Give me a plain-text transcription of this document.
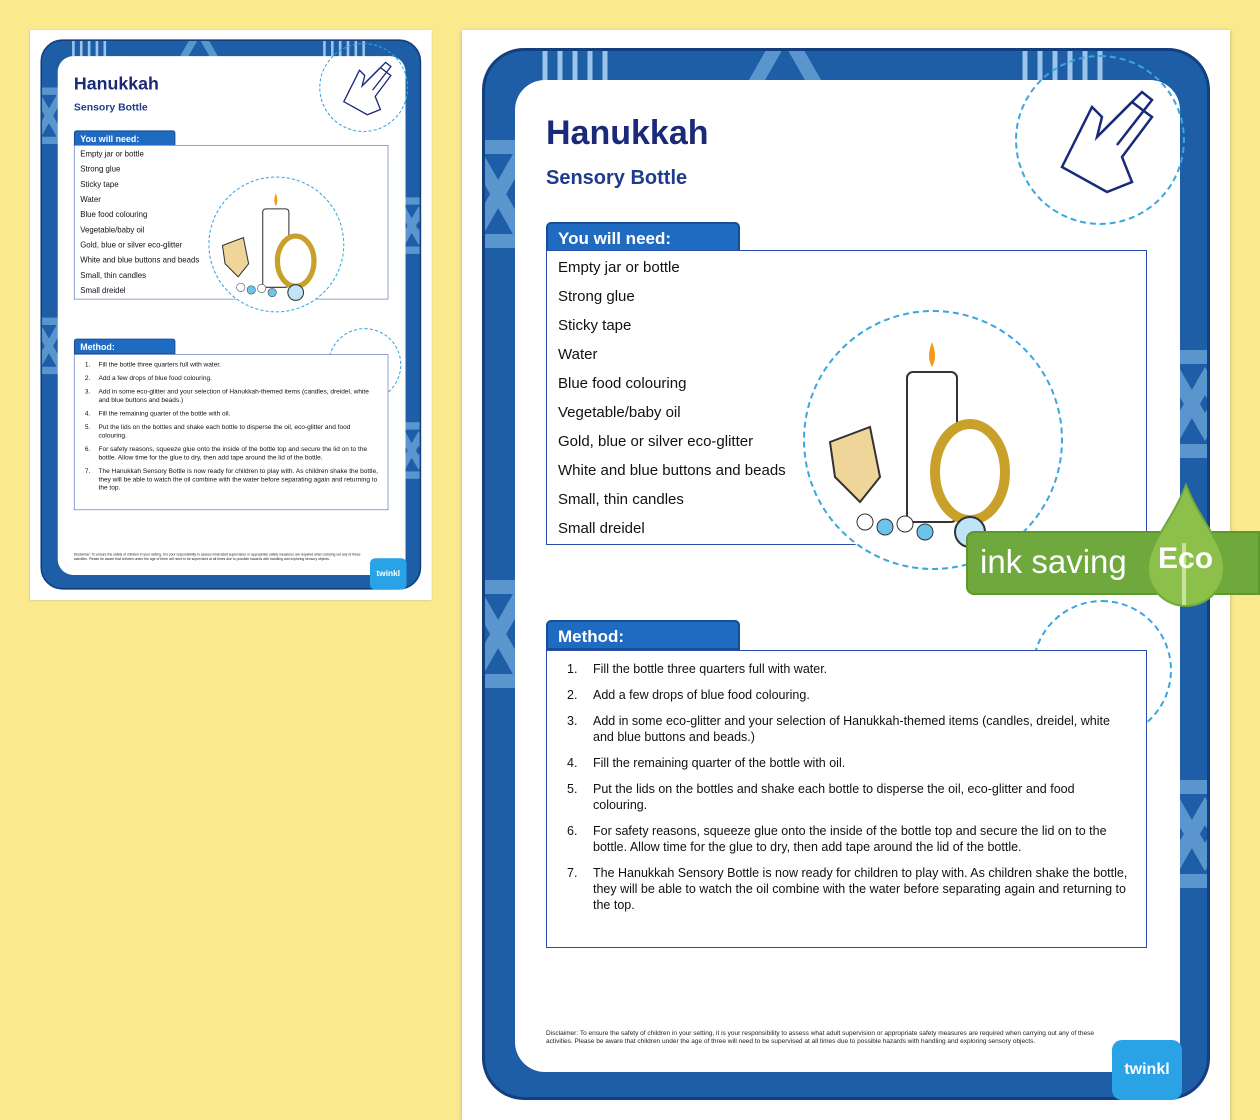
Hanukkah
Sensory Bottle
You will need:
Empty jar or bottle
Strong glue
Sticky tape
Water
Blue food colouring
Vegetable/baby oil
Gold, blue or silver eco-glitter
White and blue buttons and beads
Small, thin candles
Small dreidel
Method:
1. Fill the bottle three quarters full with water.
2. Add a few drops of blue food colouring.
3. Add in some eco-glitter and your selection of Hanukkah-themed items (candles, dreidel, white and blue buttons and beads.)
4. Fill the remaining quarter of the bottle with oil.
5. Put the lids on the bottles and shake each bottle to disperse the oil, eco-glitter and food colouring.
6. For safety reasons, squeeze glue onto the inside of the bottle top and secure the lid on to the bottle. Allow time for the glue to dry, then add tape around the lid of the bottle.
7. The Hanukkah Sensory Bottle is now ready for children to play with. As children shake the bottle, they will be able to watch the oil combine with the water before separating again and returning to the top.
Disclaimer: To ensure the safety of children in your setting, it is your responsibility to assess what adult supervision or appropriate safety measures are required when carrying out any of these activities. Please be aware that children under the age of three will need to be supervised at all times due to possible hazards with handling and exploring sensory objects.
twinkl
Hanukkah
Sensory Bottle
You will need:
Empty jar or bottle
Strong glue
Sticky tape
Water
Blue food colouring
Vegetable/baby oil
Gold, blue or silver eco-glitter
White and blue buttons and beads
Small, thin candles
Small dreidel
Method:
1.	Fill the bottle three quarters full with water.
2.	Add a few drops of blue food colouring.
3.	Add in some eco-glitter and your selection of Hanukkah-themed items (candles, dreidel, white and blue buttons and beads.)
4.	Fill the remaining quarter of the bottle with oil.
5.	Put the lids on the bottles and shake each bottle to disperse the oil, eco-glitter and food colouring.
6.	For safety reasons, squeeze glue onto the inside of the bottle top and secure the lid on to the bottle. Allow time for the glue to dry, then add tape around the lid of the bottle.
7.	The Hanukkah Sensory Bottle is now ready for children to play with. As children shake the bottle, they will be able to watch the oil combine with the water before separating again and returning to the top.
Disclaimer: To ensure the safety of children in your setting, it is your responsibility to assess what adult supervision or appropriate safety measures are required when carrying out any of these activities. Please be aware that children under the age of three will need to be supervised at all times due to possible hazards with handling and exploring sensory objects.
twinkl
ink saving Eco
